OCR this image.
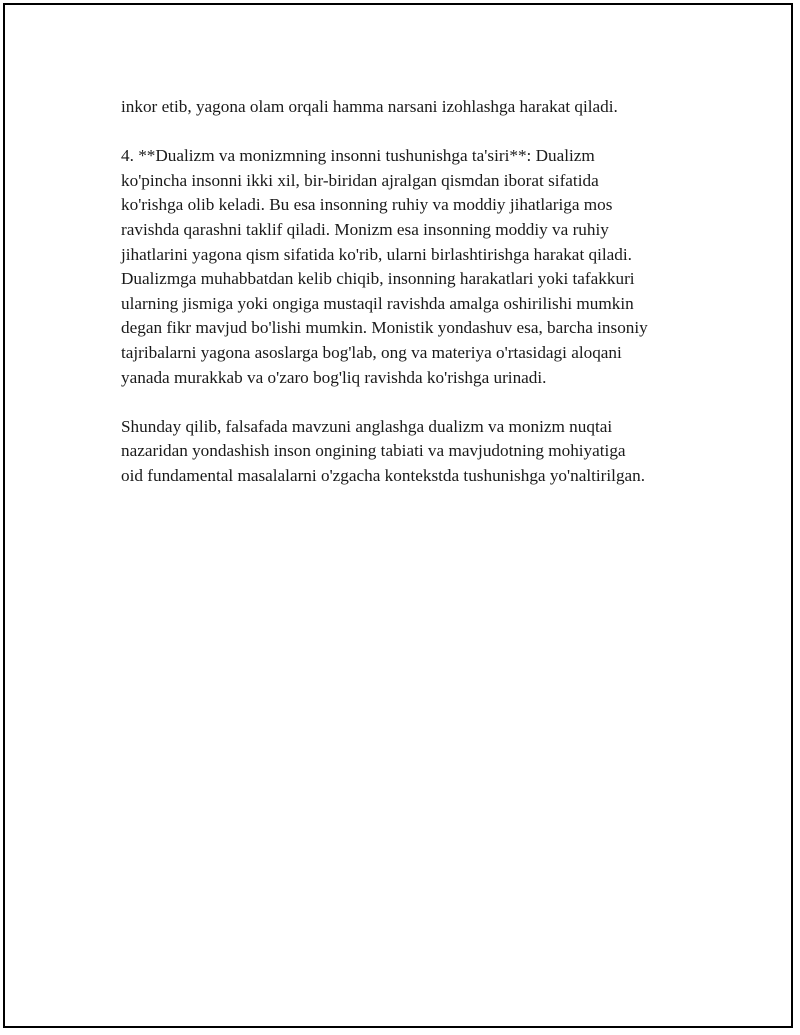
inkor etib, yagona olam orqali hamma narsani izohlashga harakat qiladi.

4. **Dualizm va monizmning insonni tushunishga ta'siri**: Dualizm
ko'pincha insonni ikki xil, bir-biridan ajralgan qismdan iborat sifatida
ko'rishga olib keladi. Bu esa insonning ruhiy va moddiy jihatlariga mos
ravishda qarashni taklif qiladi. Monizm esa insonning moddiy va ruhiy
jihatlarini yagona qism sifatida ko'rib, ularni birlashtirishga harakat qiladi.
Dualizmga muhabbatdan kelib chiqib, insonning harakatlari yoki tafakkuri
ularning jismiga yoki ongiga mustaqil ravishda amalga oshirilishi mumkin
degan fikr mavjud bo'lishi mumkin. Monistik yondashuv esa, barcha insoniy
tajribalarni yagona asoslarga bog'lab, ong va materiya o'rtasidagi aloqani
yanada murakkab va o'zaro bog'liq ravishda ko'rishga urinadi.

Shunday qilib, falsafada mavzuni anglashga dualizm va monizm nuqtai
nazaridan yondashish inson ongining tabiati va mavjudotning mohiyatiga
oid fundamental masalalarni o'zgacha kontekstda tushunishga yo'naltirilgan.
